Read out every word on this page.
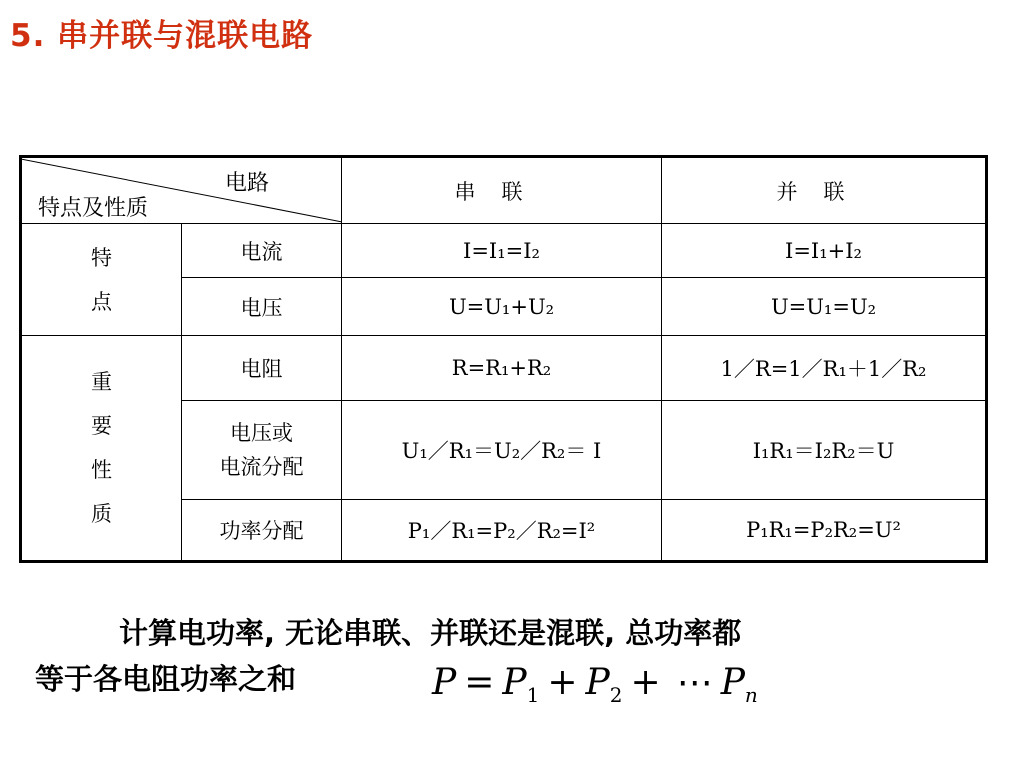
5. 串并联与混联电路
电路
特点及性质		串联	并联

特
点	电流	I=I₁=I₂	I=I₁+I₂
	电压	U=U₁+U₂	U=U₁=U₂

重
要
性
质	电阻	R=R₁+R₂	1／R=1／R₁＋1／R₂

	电压或
电流分配	U₁／R₁＝U₂／R₂＝ I	I₁R₁＝I₂R₂＝U
	功率分配	P₁／R₁=P₂／R₂=I²	P₁R₁=P₂R₂=U²
计算电功率, 无论串联、并联还是混联, 总功率都
等于各电阻功率之和	$P = P_1 + P_2$ + ⋯ $P_n$
